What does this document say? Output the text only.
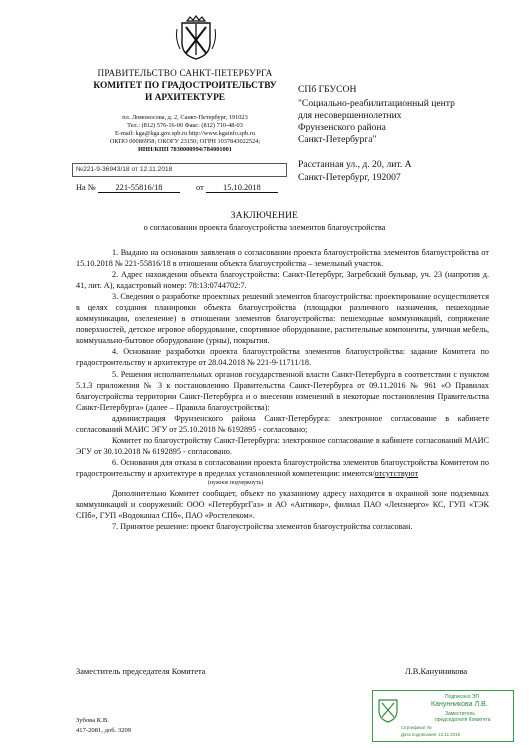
ПРАВИТЕЛЬСТВО САНКТ-ПЕТЕРБУРГА
КОМИТЕТ ПО ГРАДОСТРОИТЕЛЬСТВУ
И АРХИТЕКТУРЕ
пл. Ломоносова, д. 2, Санкт-Петербург, 191023
Тел.: (812) 576-16-00 Факс: (812) 710-48-03
E-mail: kga@kga.gov.spb.ru http://www.kgainfo.spb.ru
ОКПО 00086958; ОКОГУ 23150; ОГРН 1037843022524;
ИНН/КПП 7830000994/784001001
№221-9-36943/18 от 12.11.2018
На № 221-55816/18	от 15.10.2018
СПб ГБУСОН
"Социально-реабилитационный центр
для несовершеннолетних
Фрунзенского района
Санкт-Петербурга"
Расстанная ул., д. 20, лит. А
Санкт-Петербург, 192007
ЗАКЛЮЧЕНИЕ
о согласовании проекта благоустройства элементов благоустройства

1. Выдано на основании заявления о согласовании проекта благоустройства элементов благоустройства от 15.10.2018 № 221-55816/18 в отношении объекта благоустройства – земельный участок.

2. Адрес нахождения объекта благоустройства: Санкт-Петербург, Загребский бульвар, уч. 23 (напротив д. 41, лит. А), кадастровый номер: 78:13:0744702:7.

3. Сведения о разработке проектных решений элементов благоустройства: проектирование осуществляется в целях создания планировки объекта благоустройства (площадки различного назначения, пешеходные коммуникации, озеленение) в отношении элементов благоустройства: пешеходные коммуникаций, сопряжение поверхностей, детское игровое оборудование, спортивное оборудование, растительные компоненты, уличная мебель, коммунально-бытовое оборудование (урны), покрытия.

4. Основание разработки проекта благоустройства элементов благоустройства: задание Комитета по градостроительству и архитектуре от 28.04.2018 № 221-9-11711/18.

5. Решения исполнительных органов государственной власти Санкт-Петербурга в соответствии с пунктом 5.1.3 приложения № 3 к постановлению Правительства Санкт-Петербурга от 09.11.2016 № 961 «О Правилах благоустройства территории Санкт-Петербурга и о внесении изменений в некоторые постановления Правительства Санкт-Петербурга» (далее – Правила благоустройства):

администрация Фрунзенского района Санкт-Петербурга: электронное согласование в кабинете согласований МАИС ЭГУ от 25.10.2018 № 6192895 - согласовано;

Комитет по благоустройству Санкт-Петербурга: электронное согласование в кабинете согласований МАИС ЭГУ от 30.10.2018 № 6192895 - согласовано.

6. Основания для отказа в согласовании проекта благоустройства элементов благоустройства Комитетом по градостроительству и архитектуре в пределах установленной компетенции: имеются/отсутствуют

(нужное подчеркнуть)

Дополнительно Комитет сообщает, объект по указанному адресу находится в охранной зоне подземных коммуникаций и сооружений: ООО «ПетербургГаз» и АО «Антикор», филиал ПАО «Ленэнерго» КС, ГУП «ТЭК СПб», ГУП «Водоканал СПб», ПАО «Ростелеком».

7. Принятое решение: проект благоустройства элементов благоустройства согласован.

Заместитель председателя Комитета	Л.В.Канунникова
Зубова К.В.
417-2081, доб. 3209
Подписано ЭП
Канунникова Л.В.
Заместитель
председателя Комитета
Сертификат №
Дата подписания: 12.11.2018
